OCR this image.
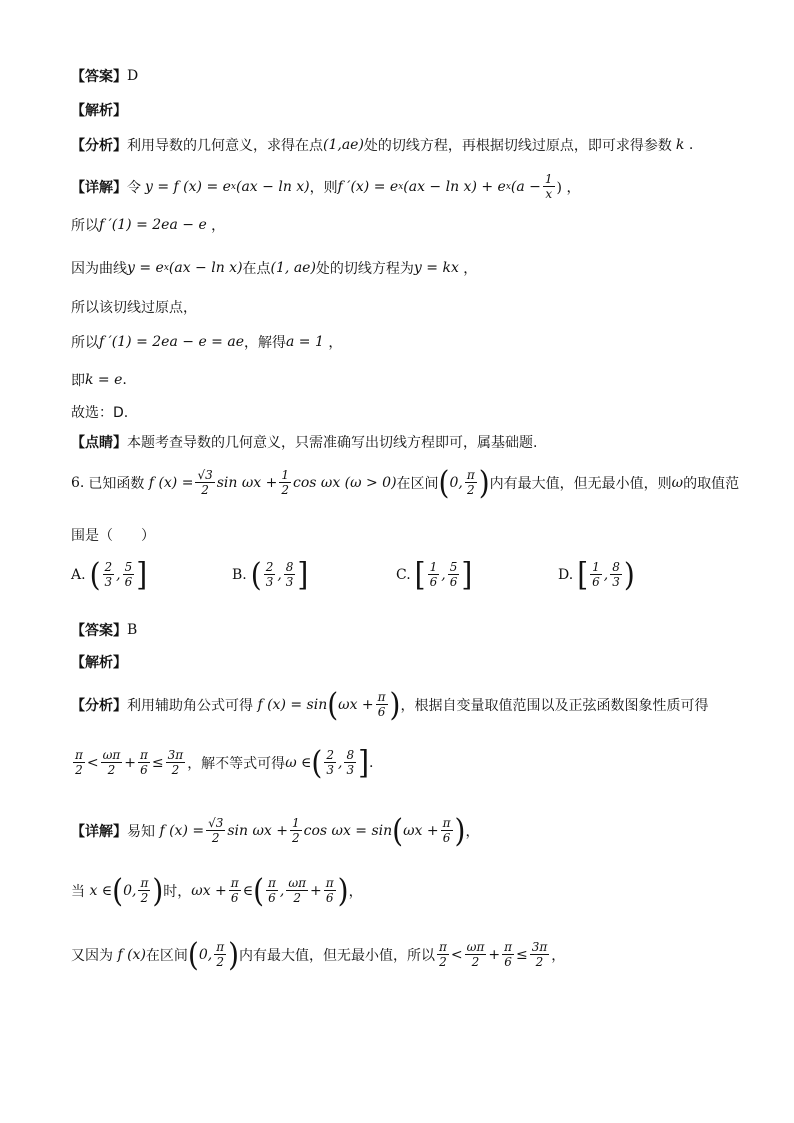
【答案】 D
【解析】
【分析】 利用导数的几何意义，求得在点 (1,ae) 处的切线方程，再根据切线过原点，即可求得参数 k .
【详解】 令 y = f (x) = e x (ax − ln x) ，则 f ′(x) = e x (ax − ln x) + e x ($a - \frac{1}{x}$ ) ，
所以 f ′(1) = 2ea − e ，
因为曲线 y = e x (ax − ln x) 在点 (1, ae) 处的切线方程为 y = kx ，
所以该切线过原点，
所以 f ′(1) = 2ea − e = ae ，解得 a = 1 ，
即 k = e .
故选：D.
【点睛】 本题考查导数的几何意义，只需准确写出切线方程即可，属基础题.
6. 已知函数 f $(x) = \frac{√3}{2}$ $\sin \omega x + \frac{1}{2}$ cos ωx (ω > 0) 在区间 ( 0, $\frac{\pi}{2}$ ) 内有最大值，但无最小值，则 ω 的取值范
围是（　　）
A. ( $\frac{2}{3}$ , $\frac{5}{6}$ ]	B. ( $\frac{2}{3}$ , $\frac{8}{3}$ ]	C. [ $\frac{1}{6}$ , $\frac{5}{6}$ ]	D. [ $\frac{1}{6}$ , $\frac{8}{3}$ )
【答案】 B
【解析】
【分析】 利用辅助角公式可得 f (x) = sin ( $\omega x + \frac{\pi}{6}$ ) ，根据自变量取值范围以及正弦函数图象性质可得
$\frac{\pi}{2} < \frac{\omega\pi}{2} + \frac{\pi}{6} \le \frac{3\pi}{2}$ ，解不等式可得 ω ∈ ( $\frac{2}{3}$ , $\frac{8}{3}$ ] .
【详解】 易知 f $(x) = \frac{√3}{2}$ $\sin \omega x + \frac{1}{2}$ cos ωx = sin ( $\omega x + \frac{\pi}{6}$ ) ，
当 x ∈ ( 0, $\frac{\pi}{2}$ ) 时， $\omega x + \frac{\pi}{6}$ ∈ ( $\frac{\pi}{6}$ , $\frac{\omega\pi}{2} + \frac{\pi}{6}$ ) ，
又因为 f (x) 在区间 ( 0, $\frac{\pi}{2}$ ) 内有最大值，但无最小值，所以 $\frac{\pi}{2} < \frac{\omega\pi}{2} + \frac{\pi}{6} \le \frac{3\pi}{2}$ ，
